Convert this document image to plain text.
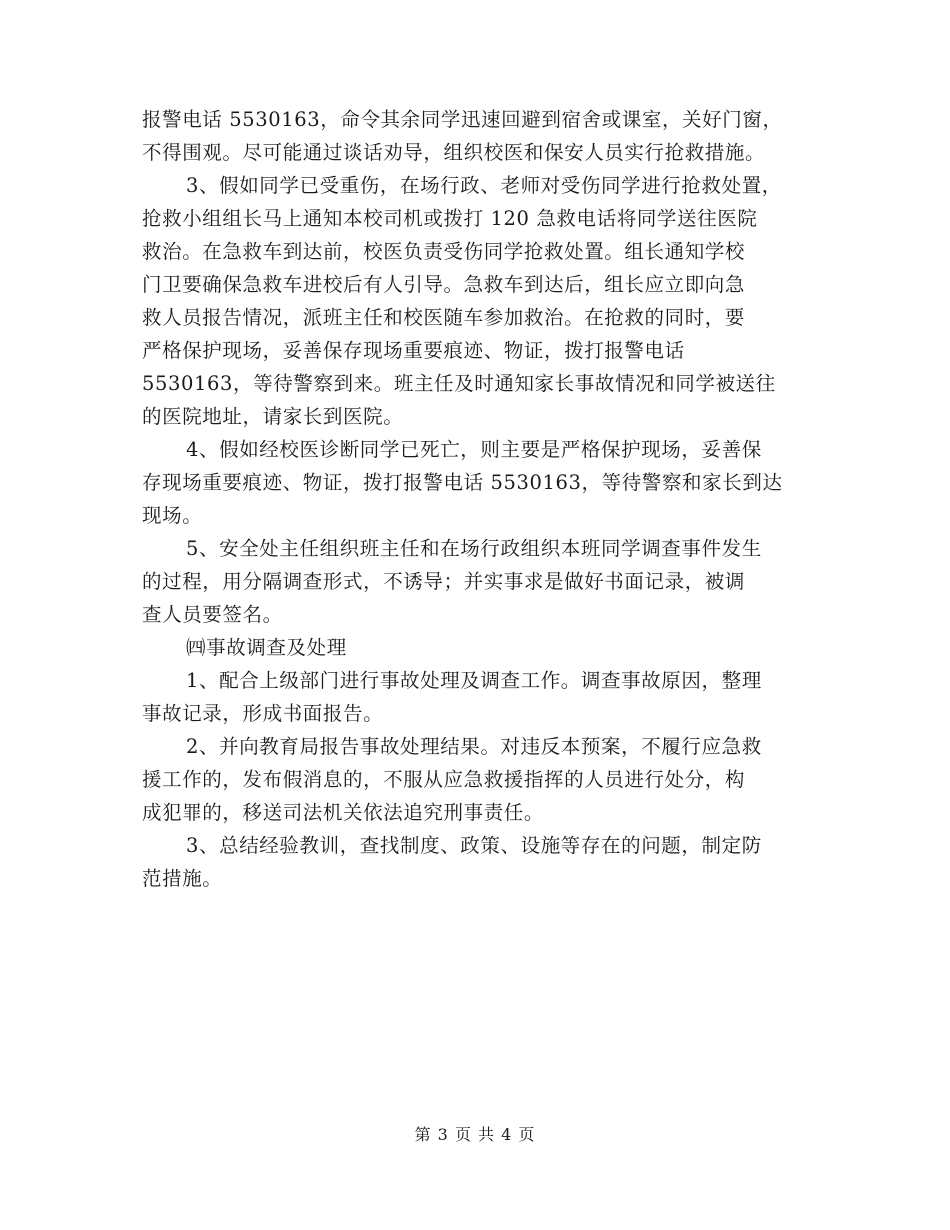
报警电话 5530163，命令其余同学迅速回避到宿舍或课室，关好门窗，
不得围观。尽可能通过谈话劝导，组织校医和保安人员实行抢救措施。
3、假如同学已受重伤，在场行政、老师对受伤同学进行抢救处置，
抢救小组组长马上通知本校司机或拨打 120 急救电话将同学送往医院
救治。在急救车到达前，校医负责受伤同学抢救处置。组长通知学校
门卫要确保急救车进校后有人引导。急救车到达后，组长应立即向急
救人员报告情况，派班主任和校医随车参加救治。在抢救的同时，要
严格保护现场，妥善保存现场重要痕迹、物证，拨打报警电话
5530163，等待警察到来。班主任及时通知家长事故情况和同学被送往
的医院地址，请家长到医院。
4、假如经校医诊断同学已死亡，则主要是严格保护现场，妥善保
存现场重要痕迹、物证，拨打报警电话 5530163，等待警察和家长到达
现场。
5、安全处主任组织班主任和在场行政组织本班同学调查事件发生
的过程，用分隔调查形式，不诱导；并实事求是做好书面记录，被调
查人员要签名。
㈣事故调查及处理
1、配合上级部门进行事故处理及调查工作。调查事故原因，整理
事故记录，形成书面报告。
2、并向教育局报告事故处理结果。对违反本预案，不履行应急救
援工作的，发布假消息的，不服从应急救援指挥的人员进行处分，构
成犯罪的，移送司法机关依法追究刑事责任。
3、总结经验教训，查找制度、政策、设施等存在的问题，制定防
范措施。
第 3 页 共 4 页
